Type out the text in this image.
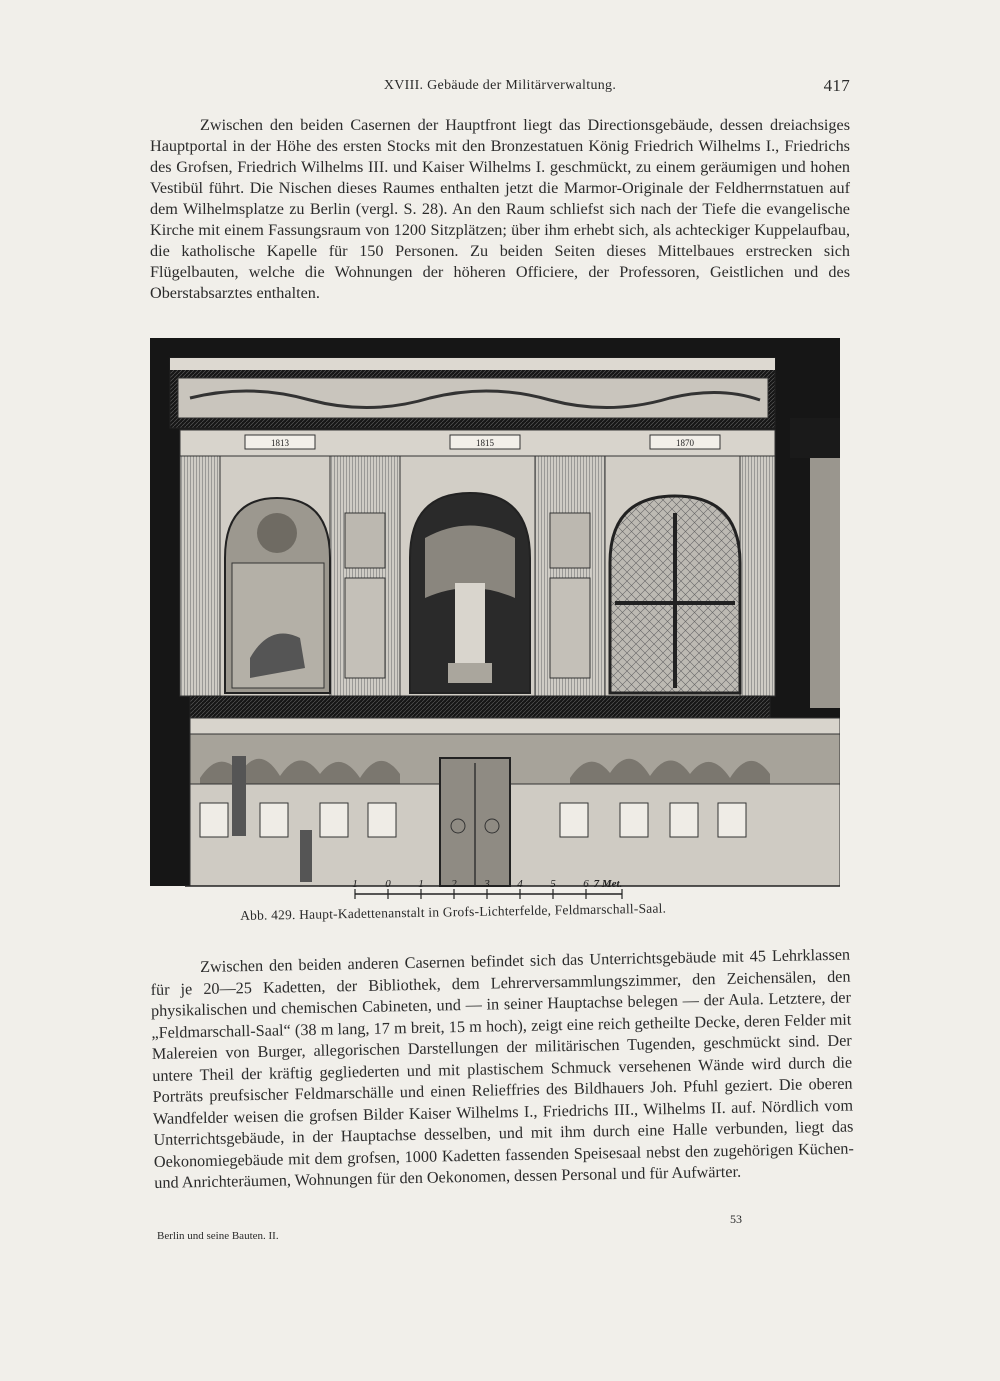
XVIII. Gebäude der Militärverwaltung.	417

Zwischen den beiden Casernen der Hauptfront liegt das Directionsgebäude, dessen dreiachsiges Hauptportal in der Höhe des ersten Stocks mit den Bronzestatuen König Friedrich Wilhelms I., Friedrichs des Grofsen, Friedrich Wilhelms III. und Kaiser Wilhelms I. geschmückt, zu einem geräumigen und hohen Vestibül führt. Die Nischen dieses Raumes enthalten jetzt die Marmor-Originale der Feldherrnstatuen auf dem Wilhelmsplatze zu Berlin (vergl. S. 28). An den Raum schliefst sich nach der Tiefe die evangelische Kirche mit einem Fassungsraum von 1200 Sitzplätzen; über ihm erhebt sich, als achteckiger Kuppelaufbau, die katholische Kapelle für 150 Personen. Zu beiden Seiten dieses Mittelbaues erstrecken sich Flügelbauten, welche die Wohnungen der höheren Officiere, der Professoren, Geistlichen und des Oberstabsarztes enthalten.

1813	1815	1870
1	0	1	2	3	4	5	6 7 Met.
Abb. 429. Haupt-Kadettenanstalt in Grofs-Lichterfelde, Feldmarschall-Saal.

Zwischen den beiden anderen Casernen befindet sich das Unterrichtsgebäude mit 45 Lehrklassen für je 20—25 Kadetten, der Bibliothek, dem Lehrerversammlungszimmer, den Zeichensälen, den physikalischen und chemischen Cabineten, und — in seiner Hauptachse belegen — der Aula. Letztere, der „Feldmarschall-Saal“ (38 m lang, 17 m breit, 15 m hoch), zeigt eine reich getheilte Decke, deren Felder mit Malereien von Burger, allegorischen Darstellungen der militärischen Tugenden, geschmückt sind. Der untere Theil der kräftig gegliederten und mit plastischem Schmuck versehenen Wände wird durch die Porträts preufsischer Feldmarschälle und einen Relieffries des Bildhauers Joh. Pfuhl geziert. Die oberen Wandfelder weisen die grofsen Bilder Kaiser Wilhelms I., Friedrichs III., Wilhelms II. auf. Nördlich vom Unterrichtsgebäude, in der Hauptachse desselben, und mit ihm durch eine Halle verbunden, liegt das Oekonomiegebäude mit dem grofsen, 1000 Kadetten fassenden Speisesaal nebst den zugehörigen Küchen- und Anrichteräumen, Wohnungen für den Oekonomen, dessen Personal und für Aufwärter.

53
Berlin und seine Bauten. II.
